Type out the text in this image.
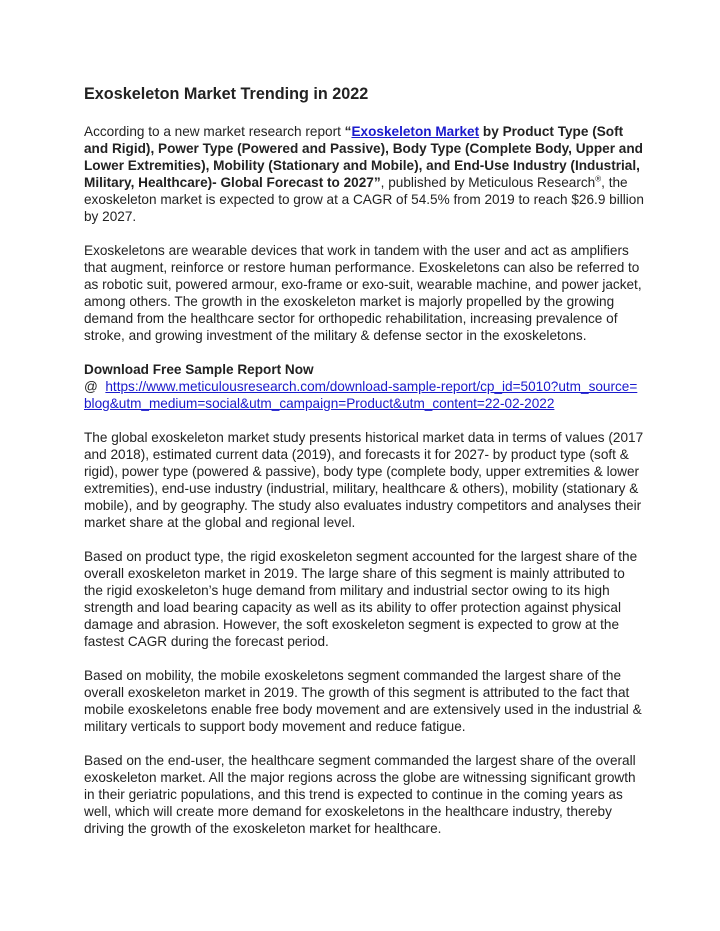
Exoskeleton Market Trending in 2022

According to a new market research report “Exoskeleton Market by Product Type (Soft and Rigid), Power Type (Powered and Passive), Body Type (Complete Body, Upper and Lower Extremities), Mobility (Stationary and Mobile), and End-Use Industry (Industrial, Military, Healthcare)- Global Forecast to 2027”, published by Meticulous Research®, the exoskeleton market is expected to grow at a CAGR of 54.5% from 2019 to reach $26.9 billion by 2027.

Exoskeletons are wearable devices that work in tandem with the user and act as amplifiers that augment, reinforce or restore human performance. Exoskeletons can also be referred to as robotic suit, powered armour, exo-frame or exo-suit, wearable machine, and power jacket, among others. The growth in the exoskeleton market is majorly propelled by the growing demand from the healthcare sector for orthopedic rehabilitation, increasing prevalence of stroke, and growing investment of the military & defense sector in the exoskeletons.

Download Free Sample Report Now

@ https://www.meticulousresearch.com/download-sample-report/cp_id=5010?utm_source=blog&utm_medium=social&utm_campaign=Product&utm_content=22-02-2022

The global exoskeleton market study presents historical market data in terms of values (2017 and 2018), estimated current data (2019), and forecasts it for 2027- by product type (soft & rigid), power type (powered & passive), body type (complete body, upper extremities & lower extremities), end-use industry (industrial, military, healthcare & others), mobility (stationary & mobile), and by geography. The study also evaluates industry competitors and analyses their market share at the global and regional level.

Based on product type, the rigid exoskeleton segment accounted for the largest share of the overall exoskeleton market in 2019. The large share of this segment is mainly attributed to the rigid exoskeleton’s huge demand from military and industrial sector owing to its high strength and load bearing capacity as well as its ability to offer protection against physical damage and abrasion. However, the soft exoskeleton segment is expected to grow at the fastest CAGR during the forecast period.

Based on mobility, the mobile exoskeletons segment commanded the largest share of the overall exoskeleton market in 2019. The growth of this segment is attributed to the fact that mobile exoskeletons enable free body movement and are extensively used in the industrial & military verticals to support body movement and reduce fatigue.

Based on the end-user, the healthcare segment commanded the largest share of the overall exoskeleton market. All the major regions across the globe are witnessing significant growth in their geriatric populations, and this trend is expected to continue in the coming years as well, which will create more demand for exoskeletons in the healthcare industry, thereby driving the growth of the exoskeleton market for healthcare.
